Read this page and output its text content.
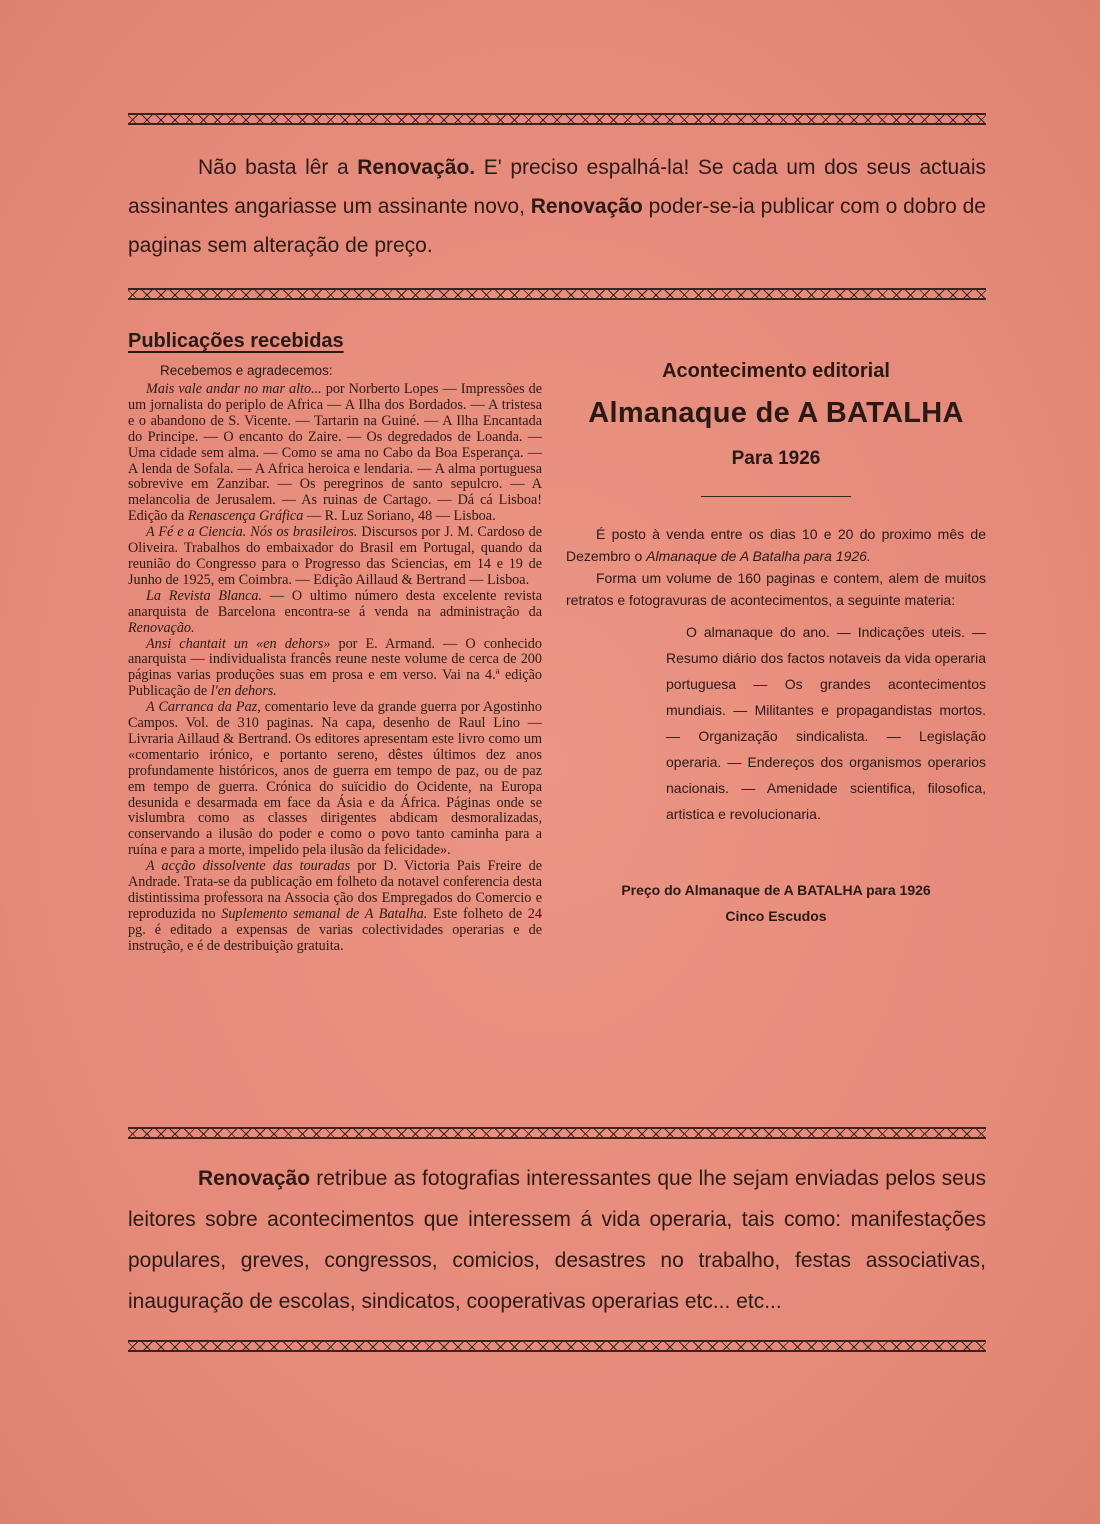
Não basta lêr a Renovação. E' preciso espalhá-la! Se cada um dos seus actuais assinantes angariasse um assinante novo, Renovação poder-se-ia publicar com o dobro de paginas sem alteração de preço.
Publicações recebidas
Recebemos e agradecemos:

Mais vale andar no mar alto... por Norberto Lopes — Impressões de um jornalista do periplo de Africa — A Ilha dos Bordados. — A tristesa e o abandono de S. Vicente. — Tartarin na Guiné. — A Ilha Encantada do Principe. — O encanto do Zaire. — Os degredados de Loanda. — Uma cidade sem alma. — Como se ama no Cabo da Boa Esperança. — A lenda de Sofala. — A Africa heroica e lendaria. — A alma portuguesa sobrevive em Zanzibar. — Os peregrinos de santo sepulcro. — A melancolia de Jerusalem. — As ruinas de Cartago. — Dá cá Lisboa! Edição da Renascença Gráfica — R. Luz Soriano, 48 — Lisboa.

A Fé e a Ciencia. Nós os brasileiros. Discursos por J. M. Cardoso de Oliveira. Trabalhos do embaixador do Brasil em Portugal, quando da reunião do Congresso para o Progresso das Sciencias, em 14 e 19 de Junho de 1925, em Coimbra. — Edição Aillaud & Bertrand — Lisboa.

La Revista Blanca. — O ultimo número desta excelente revista anarquista de Barcelona encontra-se á venda na administração da Renovação.

Ansi chantait un «en dehors» por E. Armand. — O conhecido anarquista — individualista francês reune neste volume de cerca de 200 páginas varias produções suas em prosa e em verso. Vai na 4.ª edição Publicação de l'en dehors.

A Carranca da Paz, comentario leve da grande guerra por Agostinho Campos. Vol. de 310 paginas. Na capa, desenho de Raul Lino — Livraria Aillaud & Bertrand. Os editores apresentam este livro como um «comentario irónico, e portanto sereno, dêstes últimos dez anos profundamente históricos, anos de guerra em tempo de paz, ou de paz em tempo de guerra. Crónica do suïcidio do Ocidente, na Europa desunida e desarmada em face da Ásia e da África. Páginas onde se vislumbra como as classes dirigentes abdicam desmoralizadas, conservando a ilusão do poder e como o povo tanto caminha para a ruína e para a morte, impelido pela ilusão da felicidade».

A acção dissolvente das touradas por D. Victoria Pais Freire de Andrade. Trata-se da publicação em folheto da notavel conferencia desta distintissima professora na Associa ção dos Empregados do Comercio e reproduzida no Suplemento semanal de A Batalha. Este folheto de 24 pg. é editado a expensas de varias colectividades operarias e de instrução, e é de destribuição gratuita.

Acontecimento editorial

Almanaque de A BATALHA

Para 1926

É posto à venda entre os dias 10 e 20 do proximo mês de Dezembro o Almanaque de A Batalha para 1926.

Forma um volume de 160 paginas e contem, alem de muitos retratos e fotogravuras de acontecimentos, a seguinte materia:

O almanaque do ano. — Indicações uteis. — Resumo diário dos factos notaveis da vida operaria portuguesa — Os grandes acontecimentos mundiais. — Militantes e propagandistas mortos. — Organização sindicalista. — Legislação operaria. — Endereços dos organismos operarios nacionais. — Amenidade scientifica, filosofica, artistica e revolucionaria.

Preço do Almanaque de A BATALHA para 1926
Cinco Escudos
Renovação retribue as fotografias interessantes que lhe sejam enviadas pelos seus leitores sobre acontecimentos que interessem á vida operaria, tais como: manifestações populares, greves, congressos, comicios, desastres no trabalho, festas associativas, inauguração de escolas, sindicatos, cooperativas operarias etc... etc...
